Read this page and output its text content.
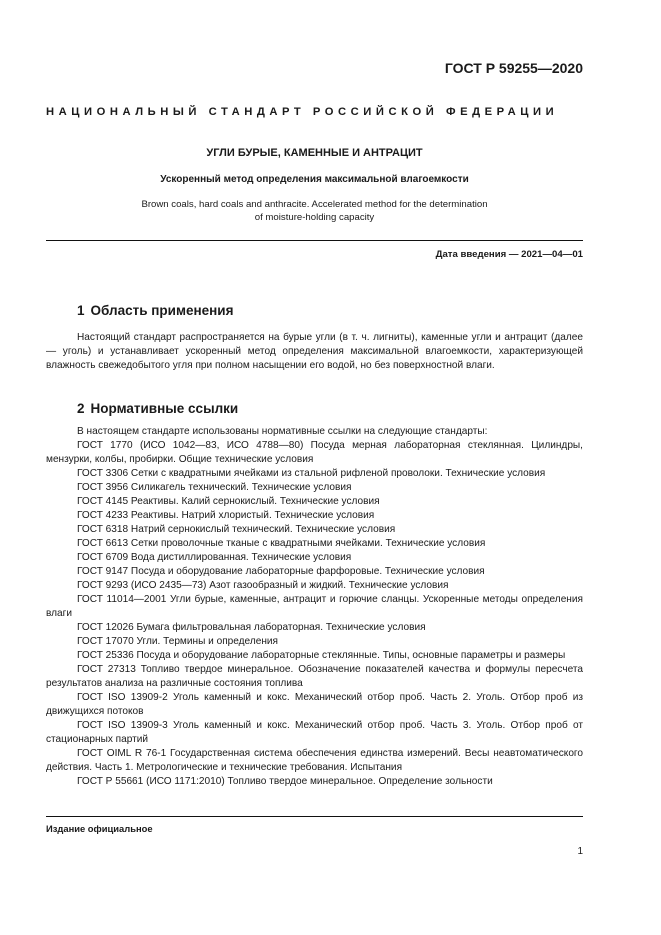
ГОСТ Р 59255—2020
НАЦИОНАЛЬНЫЙ СТАНДАРТ РОССИЙСКОЙ ФЕДЕРАЦИИ
УГЛИ БУРЫЕ, КАМЕННЫЕ И АНТРАЦИТ
Ускоренный метод определения максимальной влагоемкости
Brown coals, hard coals and anthracite. Accelerated method for the determination
of moisture-holding capacity
Дата введения — 2021—04—01
1 Область применения
Настоящий стандарт распространяется на бурые угли (в т. ч. лигниты), каменные угли и антрацит (далее — уголь) и устанавливает ускоренный метод определения максимальной влагоемкости, характеризующей влажность свежедобытого угля при полном насыщении его водой, но без поверхностной влаги.
2 Нормативные ссылки
В настоящем стандарте использованы нормативные ссылки на следующие стандарты:
ГОСТ 1770 (ИСО 1042—83, ИСО 4788—80) Посуда мерная лабораторная стеклянная. Цилиндры, мензурки, колбы, пробирки. Общие технические условия
ГОСТ 3306 Сетки с квадратными ячейками из стальной рифленой проволоки. Технические условия
ГОСТ 3956 Силикагель технический. Технические условия
ГОСТ 4145 Реактивы. Калий сернокислый. Технические условия
ГОСТ 4233 Реактивы. Натрий хлористый. Технические условия
ГОСТ 6318 Натрий сернокислый технический. Технические условия
ГОСТ 6613 Сетки проволочные тканые с квадратными ячейками. Технические условия
ГОСТ 6709 Вода дистиллированная. Технические условия
ГОСТ 9147 Посуда и оборудование лабораторные фарфоровые. Технические условия
ГОСТ 9293 (ИСО 2435—73) Азот газообразный и жидкий. Технические условия
ГОСТ 11014—2001 Угли бурые, каменные, антрацит и горючие сланцы. Ускоренные методы определения влаги
ГОСТ 12026 Бумага фильтровальная лабораторная. Технические условия
ГОСТ 17070 Угли. Термины и определения
ГОСТ 25336 Посуда и оборудование лабораторные стеклянные. Типы, основные параметры и размеры
ГОСТ 27313 Топливо твердое минеральное. Обозначение показателей качества и формулы пересчета результатов анализа на различные состояния топлива
ГОСТ ISO 13909-2 Уголь каменный и кокс. Механический отбор проб. Часть 2. Уголь. Отбор проб из движущихся потоков
ГОСТ ISO 13909-3 Уголь каменный и кокс. Механический отбор проб. Часть 3. Уголь. Отбор проб от стационарных партий
ГОСТ OIML R 76-1 Государственная система обеспечения единства измерений. Весы неавтоматического действия. Часть 1. Метрологические и технические требования. Испытания
ГОСТ Р 55661 (ИСО 1171:2010) Топливо твердое минеральное. Определение зольности
Издание официальное
1
